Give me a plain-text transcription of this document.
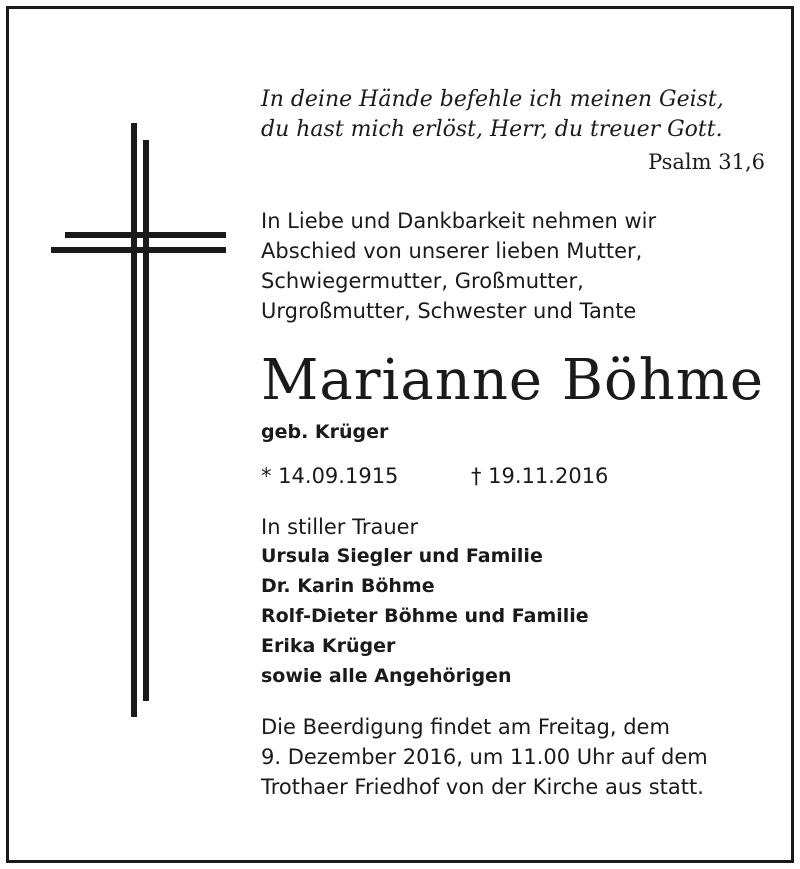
In deine Hände befehle ich meinen Geist,
du hast mich erlöst, Herr, du treuer Gott.
Psalm 31,6
In Liebe und Dankbarkeit nehmen wir
Abschied von unserer lieben Mutter,
Schwiegermutter, Großmutter,
Urgroßmutter, Schwester und Tante
Marianne Böhme
geb. Krüger
* 14.09.1915	† 19.11.2016
In stiller Trauer
Ursula Siegler und Familie
Dr. Karin Böhme
Rolf-Dieter Böhme und Familie
Erika Krüger
sowie alle Angehörigen
Die Beerdigung findet am Freitag, dem
9. Dezember 2016, um 11.00 Uhr auf dem
Trothaer Friedhof von der Kirche aus statt.
